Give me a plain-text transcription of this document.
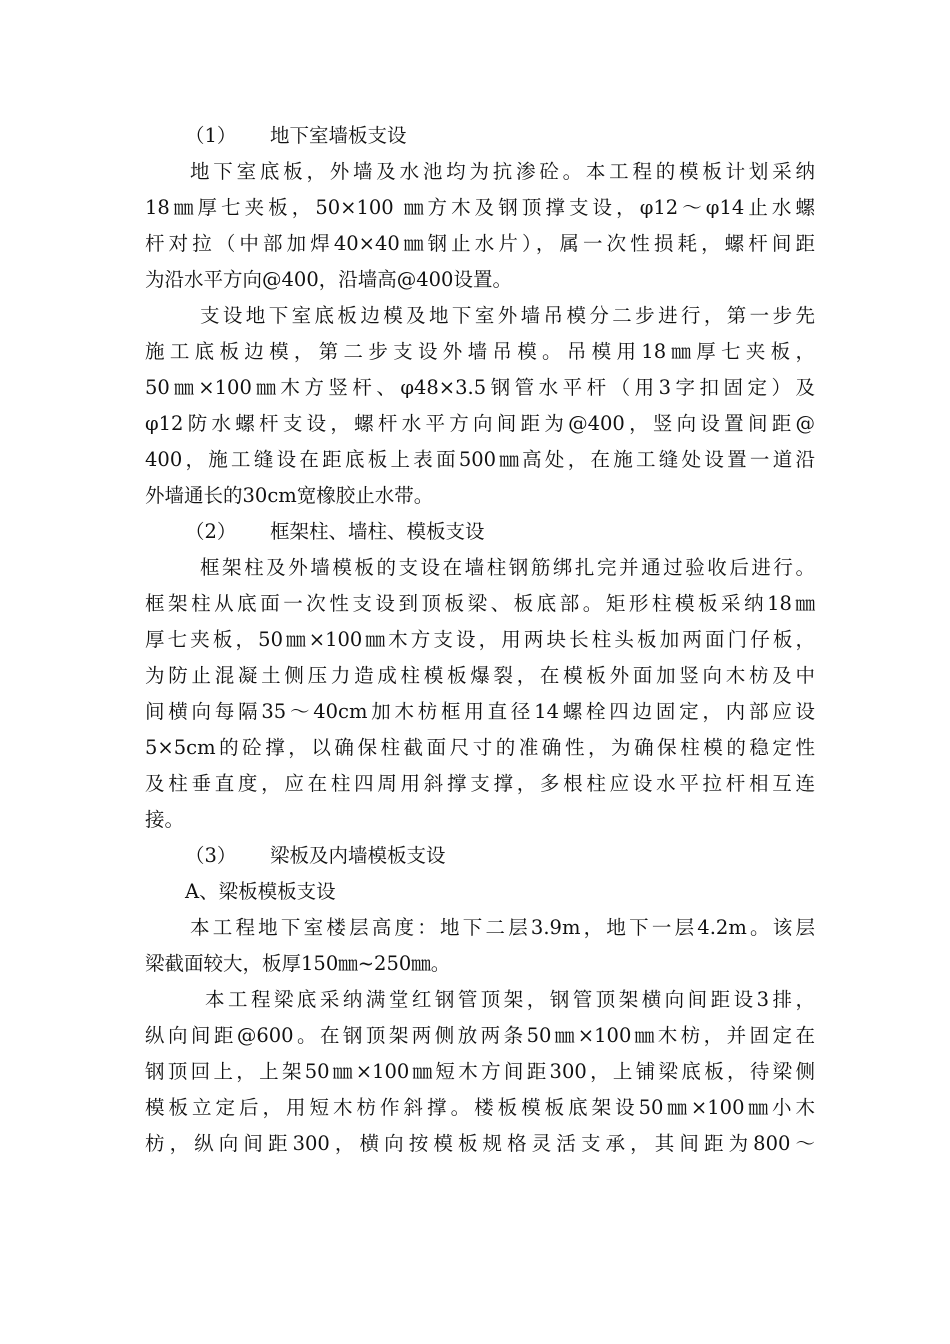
（1） 地下室墙板支设
地下室底板，外墙及水池均为抗渗砼。本工程的模板计划采纳
18㎜厚七夹板，50×100 ㎜方木及钢顶撑支设，φ12～φ14止水螺
杆对拉（中部加焊40×40㎜钢止水片），属一次性损耗，螺杆间距
为沿水平方向@400，沿墙高@400设置。
支设地下室底板边模及地下室外墙吊模分二步进行，第一步先
施工底板边模，第二步支设外墙吊模。吊模用18㎜厚七夹板，
50㎜×100㎜木方竖杆、φ48×3.5钢管水平杆（用3字扣固定）及
φ12防水螺杆支设，螺杆水平方向间距为@400，竖向设置间距@
400，施工缝设在距底板上表面500㎜高处，在施工缝处设置一道沿
外墙通长的30cm宽橡胶止水带。
（2） 框架柱、墙柱、模板支设
框架柱及外墙模板的支设在墙柱钢筋绑扎完并通过验收后进行。
框架柱从底面一次性支设到顶板梁、板底部。矩形柱模板采纳18㎜
厚七夹板，50㎜×100㎜木方支设，用两块长柱头板加两面门仔板，
为防止混凝土侧压力造成柱模板爆裂，在模板外面加竖向木枋及中
间横向每隔35～40cm加木枋框用直径14螺栓四边固定，内部应设
5×5cm的砼撑，以确保柱截面尺寸的准确性，为确保柱模的稳定性
及柱垂直度，应在柱四周用斜撑支撑，多根柱应设水平拉杆相互连
接。
（3） 梁板及内墙模板支设
A、梁板模板支设
本工程地下室楼层高度：地下二层3.9m，地下一层4.2m。该层
梁截面较大，板厚150㎜~250㎜。
本工程梁底采纳满堂红钢管顶架，钢管顶架横向间距设3排，
纵向间距@600。在钢顶架两侧放两条50㎜×100㎜木枋，并固定在
钢顶回上，上架50㎜×100㎜短木方间距300，上铺梁底板，待梁侧
模板立定后，用短木枋作斜撑。楼板模板底架设50㎜×100㎜小木
枋，纵向间距300，横向按模板规格灵活支承，其间距为800～
